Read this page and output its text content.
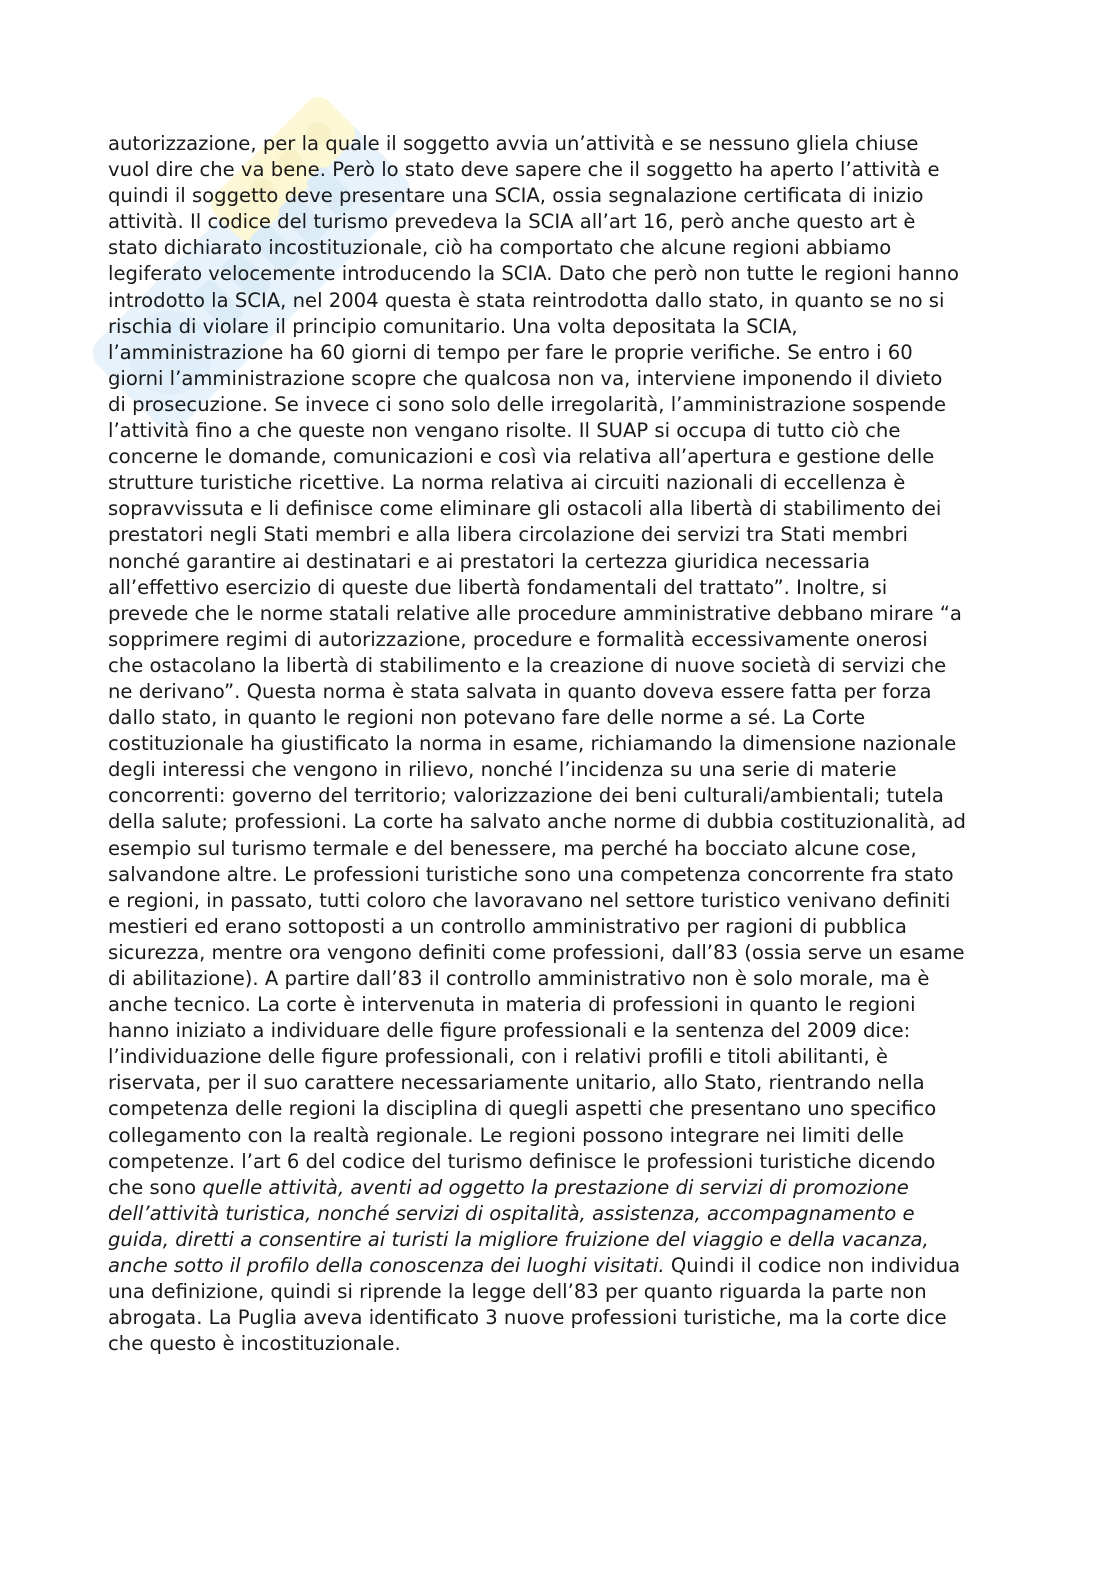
autorizzazione, per la quale il soggetto avvia un’attività e se nessuno gliela chiuse
vuol dire che va bene. Però lo stato deve sapere che il soggetto ha aperto l’attività e
quindi il soggetto deve presentare una SCIA, ossia segnalazione certificata di inizio
attività. Il codice del turismo prevedeva la SCIA all’art 16, però anche questo art è
stato dichiarato incostituzionale, ciò ha comportato che alcune regioni abbiamo
legiferato velocemente introducendo la SCIA. Dato che però non tutte le regioni hanno
introdotto la SCIA, nel 2004 questa è stata reintrodotta dallo stato, in quanto se no si
rischia di violare il principio comunitario. Una volta depositata la SCIA,
l’amministrazione ha 60 giorni di tempo per fare le proprie verifiche. Se entro i 60
giorni l’amministrazione scopre che qualcosa non va, interviene imponendo il divieto
di prosecuzione. Se invece ci sono solo delle irregolarità, l’amministrazione sospende
l’attività fino a che queste non vengano risolte. Il SUAP si occupa di tutto ciò che
concerne le domande, comunicazioni e così via relativa all’apertura e gestione delle
strutture turistiche ricettive. La norma relativa ai circuiti nazionali di eccellenza è
sopravvissuta e li definisce come eliminare gli ostacoli alla libertà di stabilimento dei
prestatori negli Stati membri e alla libera circolazione dei servizi tra Stati membri
nonché garantire ai destinatari e ai prestatori la certezza giuridica necessaria
all’effettivo esercizio di queste due libertà fondamentali del trattato”. Inoltre, si
prevede che le norme statali relative alle procedure amministrative debbano mirare “a
sopprimere regimi di autorizzazione, procedure e formalità eccessivamente onerosi
che ostacolano la libertà di stabilimento e la creazione di nuove società di servizi che
ne derivano”. Questa norma è stata salvata in quanto doveva essere fatta per forza
dallo stato, in quanto le regioni non potevano fare delle norme a sé. La Corte
costituzionale ha giustificato la norma in esame, richiamando la dimensione nazionale
degli interessi che vengono in rilievo, nonché l’incidenza su una serie di materie
concorrenti: governo del territorio; valorizzazione dei beni culturali/ambientali; tutela
della salute; professioni. La corte ha salvato anche norme di dubbia costituzionalità, ad
esempio sul turismo termale e del benessere, ma perché ha bocciato alcune cose,
salvandone altre. Le professioni turistiche sono una competenza concorrente fra stato
e regioni, in passato, tutti coloro che lavoravano nel settore turistico venivano definiti
mestieri ed erano sottoposti a un controllo amministrativo per ragioni di pubblica
sicurezza, mentre ora vengono definiti come professioni, dall’83 (ossia serve un esame
di abilitazione). A partire dall’83 il controllo amministrativo non è solo morale, ma è
anche tecnico. La corte è intervenuta in materia di professioni in quanto le regioni
hanno iniziato a individuare delle figure professionali e la sentenza del 2009 dice:
l’individuazione delle figure professionali, con i relativi profili e titoli abilitanti, è
riservata, per il suo carattere necessariamente unitario, allo Stato, rientrando nella
competenza delle regioni la disciplina di quegli aspetti che presentano uno specifico
collegamento con la realtà regionale. Le regioni possono integrare nei limiti delle
competenze. l’art 6 del codice del turismo definisce le professioni turistiche dicendo
che sono quelle attività, aventi ad oggetto la prestazione di servizi di promozione
dell’attività turistica, nonché servizi di ospitalità, assistenza, accompagnamento e
guida, diretti a consentire ai turisti la migliore fruizione del viaggio e della vacanza,
anche sotto il profilo della conoscenza dei luoghi visitati. Quindi il codice non individua
una definizione, quindi si riprende la legge dell’83 per quanto riguarda la parte non
abrogata. La Puglia aveva identificato 3 nuove professioni turistiche, ma la corte dice
che questo è incostituzionale.
